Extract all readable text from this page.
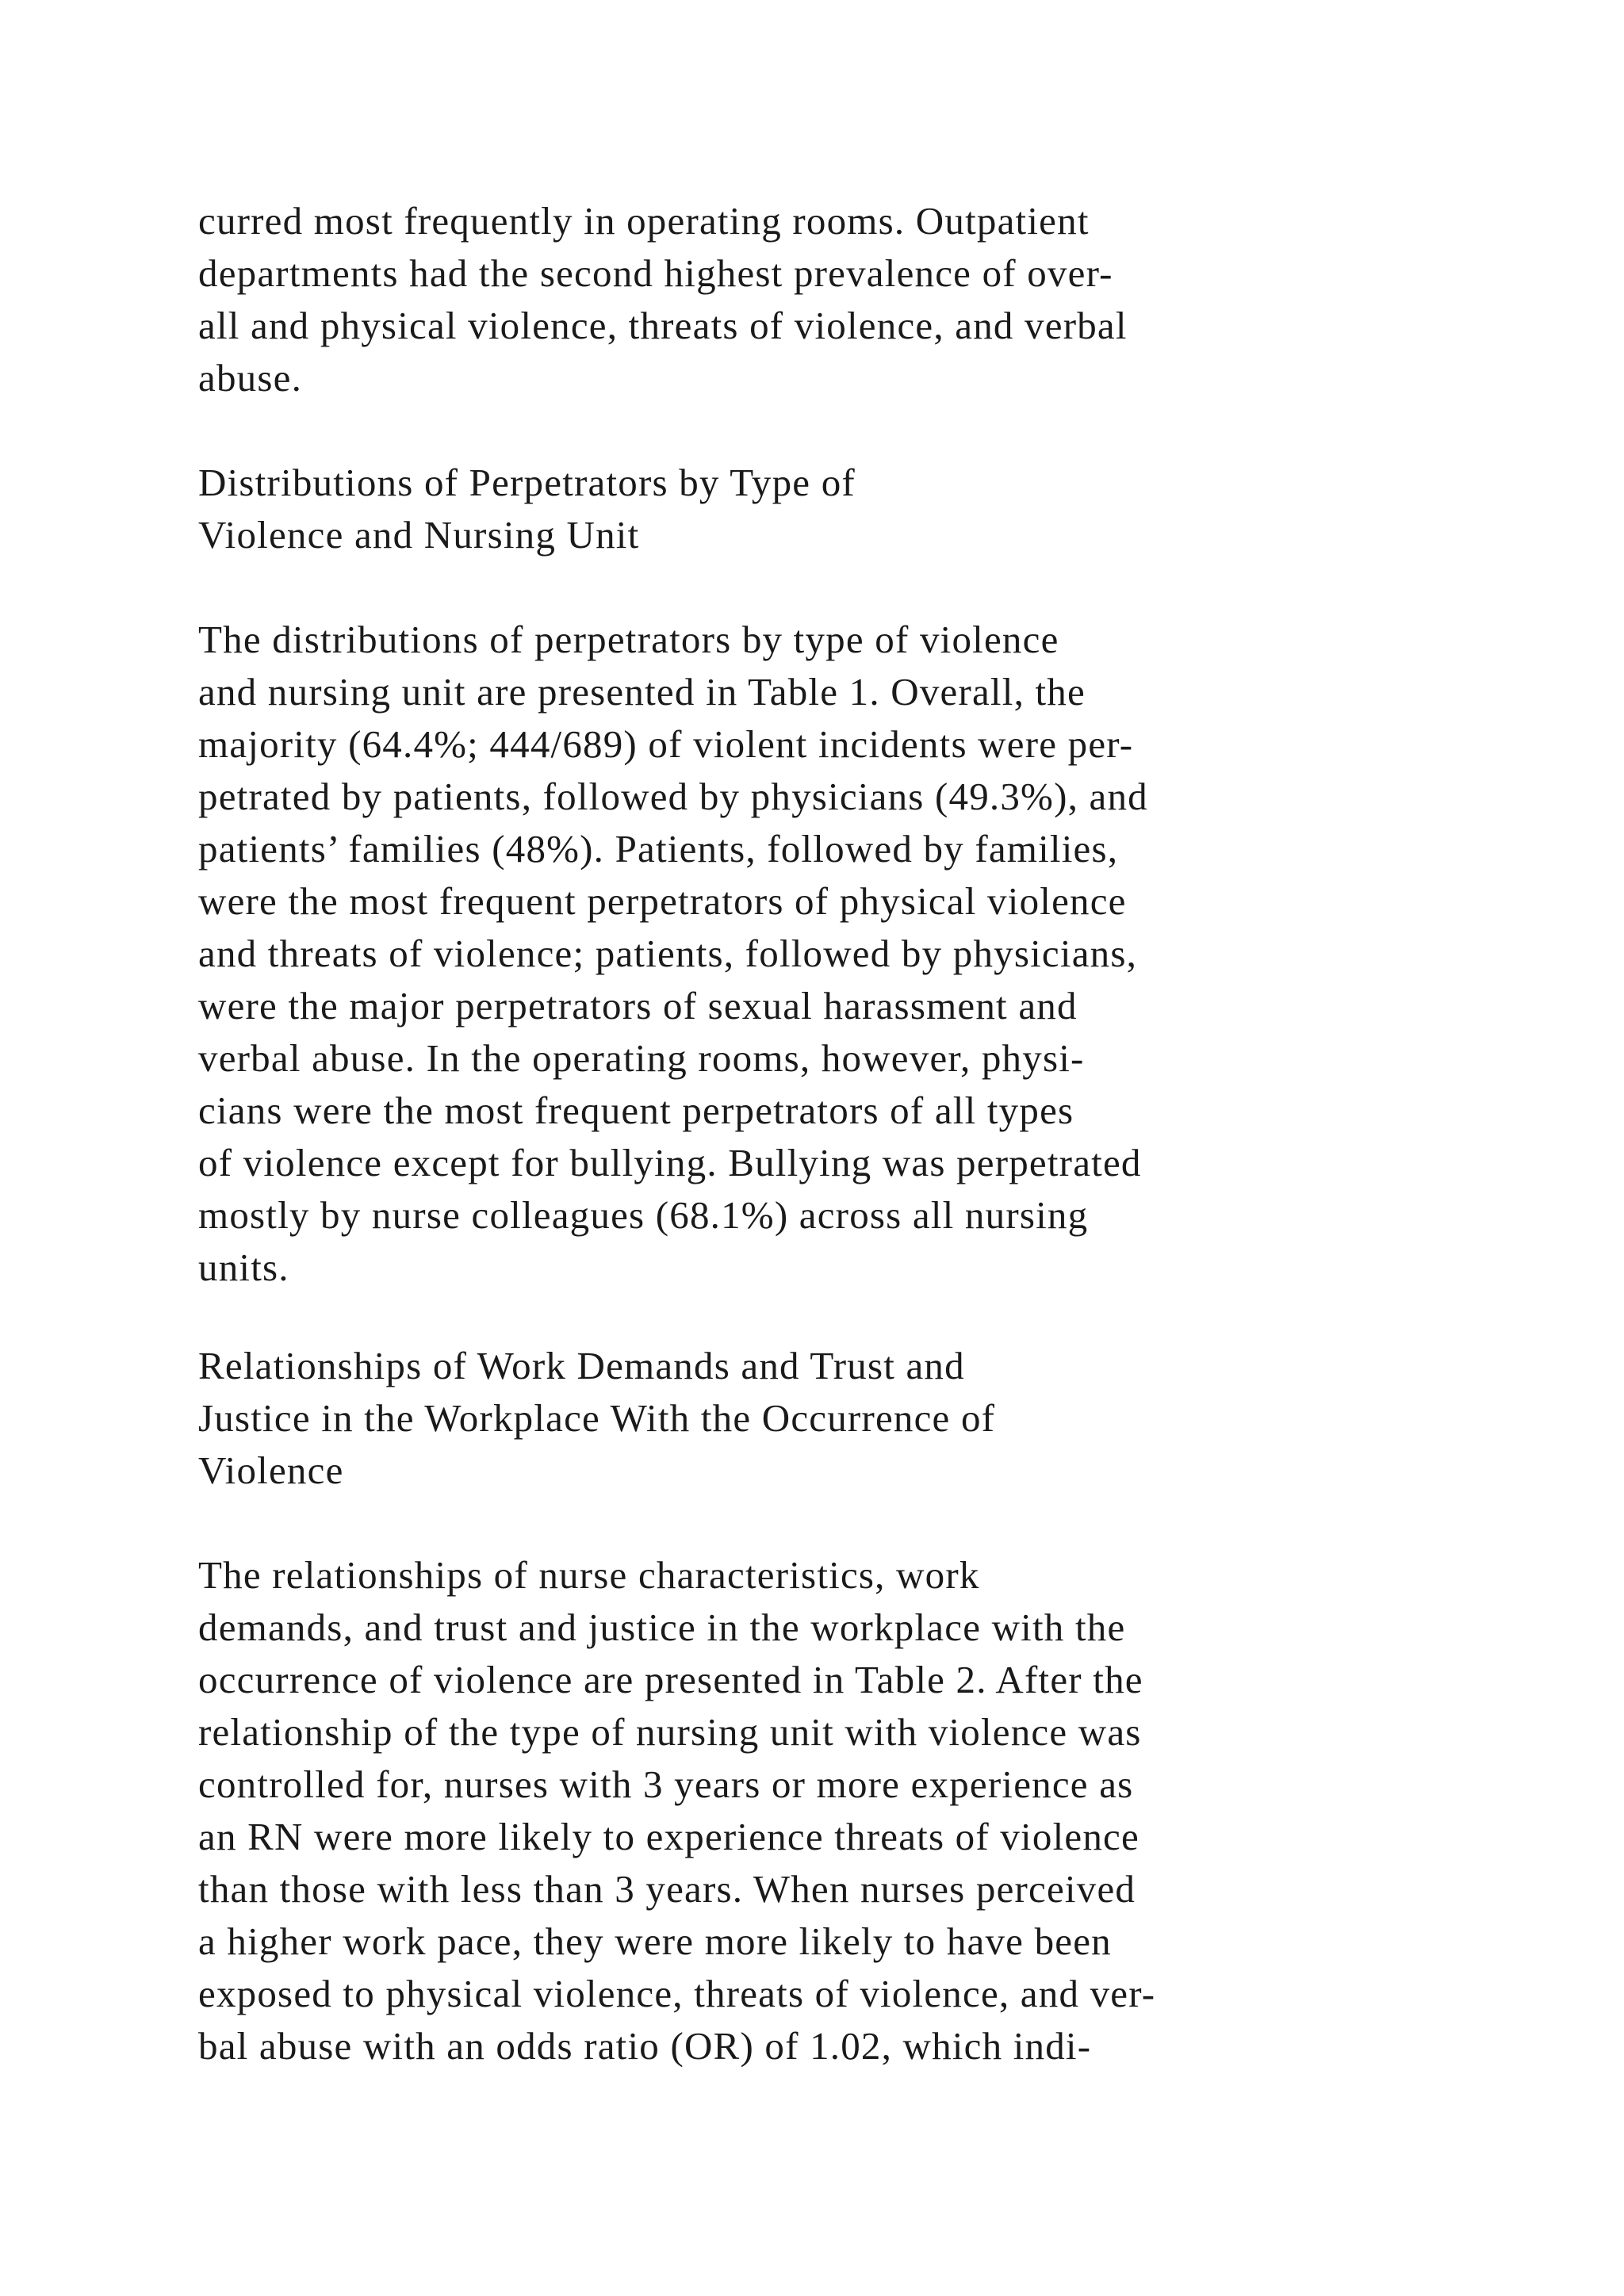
curred most frequently in operating rooms. Outpatient
departments had the second highest prevalence of over-
all and physical violence, threats of violence, and verbal
abuse.

Distributions of Perpetrators by Type of
Violence and Nursing Unit

The distributions of perpetrators by type of violence
and nursing unit are presented in Table 1. Overall, the
majority (64.4%; 444/689) of violent incidents were per-
petrated by patients, followed by physicians (49.3%), and
patients’ families (48%). Patients, followed by families,
were the most frequent perpetrators of physical violence
and threats of violence; patients, followed by physicians,
were the major perpetrators of sexual harassment and
verbal abuse. In the operating rooms, however, physi-
cians were the most frequent perpetrators of all types
of violence except for bullying. Bullying was perpetrated
mostly by nurse colleagues (68.1%) across all nursing
units.

Relationships of Work Demands and Trust and
Justice in the Workplace With the Occurrence of
Violence

The relationships of nurse characteristics, work
demands, and trust and justice in the workplace with the
occurrence of violence are presented in Table 2. After the
relationship of the type of nursing unit with violence was
controlled for, nurses with 3 years or more experience as
an RN were more likely to experience threats of violence
than those with less than 3 years. When nurses perceived
a higher work pace, they were more likely to have been
exposed to physical violence, threats of violence, and ver-
bal abuse with an odds ratio (OR) of 1.02, which indi-
